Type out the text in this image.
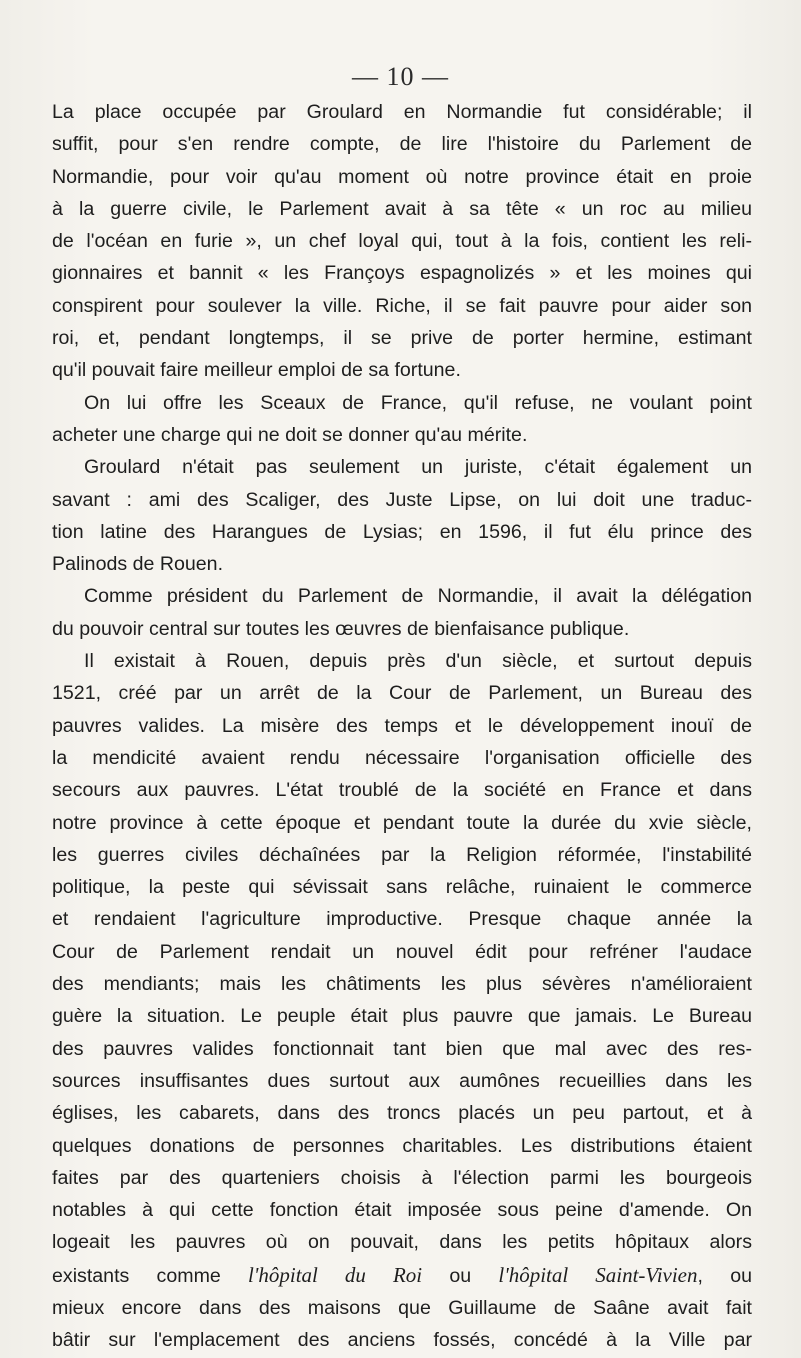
— 10 —
La place occupée par Groulard en Normandie fut considérable; il
suffit, pour s'en rendre compte, de lire l'histoire du Parlement de
Normandie, pour voir qu'au moment où notre province était en proie
à la guerre civile, le Parlement avait à sa tête « un roc au milieu
de l'océan en furie », un chef loyal qui, tout à la fois, contient les reli-
gionnaires et bannit « les Françoys espagnolizés » et les moines qui
conspirent pour soulever la ville. Riche, il se fait pauvre pour aider son
roi, et, pendant longtemps, il se prive de porter hermine, estimant
qu'il pouvait faire meilleur emploi de sa fortune.
On lui offre les Sceaux de France, qu'il refuse, ne voulant point
acheter une charge qui ne doit se donner qu'au mérite.
Groulard n'était pas seulement un juriste, c'était également un
savant : ami des Scaliger, des Juste Lipse, on lui doit une traduc-
tion latine des Harangues de Lysias; en 1596, il fut élu prince des
Palinods de Rouen.
Comme président du Parlement de Normandie, il avait la délégation
du pouvoir central sur toutes les œuvres de bienfaisance publique.
Il existait à Rouen, depuis près d'un siècle, et surtout depuis
1521, créé par un arrêt de la Cour de Parlement, un Bureau des
pauvres valides. La misère des temps et le développement inouï de
la mendicité avaient rendu nécessaire l'organisation officielle des
secours aux pauvres. L'état troublé de la société en France et dans
notre province à cette époque et pendant toute la durée du xvie siècle,
les guerres civiles déchaînées par la Religion réformée, l'instabilité
politique, la peste qui sévissait sans relâche, ruinaient le commerce
et rendaient l'agriculture improductive. Presque chaque année la
Cour de Parlement rendait un nouvel édit pour refréner l'audace
des mendiants; mais les châtiments les plus sévères n'amélioraient
guère la situation. Le peuple était plus pauvre que jamais. Le Bureau
des pauvres valides fonctionnait tant bien que mal avec des res-
sources insuffisantes dues surtout aux aumônes recueillies dans les
églises, les cabarets, dans des troncs placés un peu partout, et à
quelques donations de personnes charitables. Les distributions étaient
faites par des quarteniers choisis à l'élection parmi les bourgeois
notables à qui cette fonction était imposée sous peine d'amende. On
logeait les pauvres où on pouvait, dans les petits hôpitaux alors
existants comme l'hôpital du Roi ou l'hôpital Saint-Vivien, ou
mieux encore dans des maisons que Guillaume de Saâne avait fait
bâtir sur l'emplacement des anciens fossés, concédé à la Ville par
